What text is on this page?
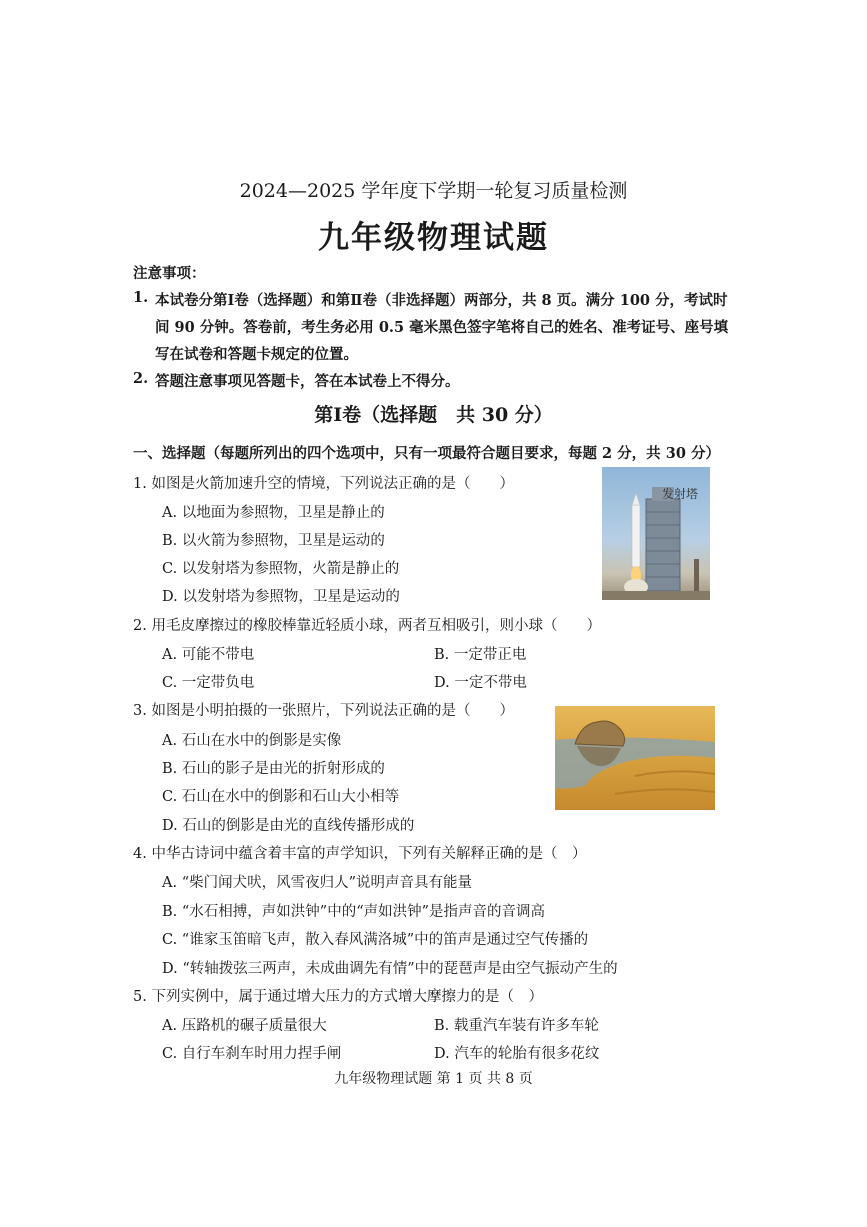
2024—2025 学年度下学期一轮复习质量检测
九年级物理试题
注意事项：
1. 本试卷分第Ⅰ卷（选择题）和第Ⅱ卷（非选择题）两部分，共 8 页。满分 100 分，考试时
间 90 分钟。答卷前，考生务必用 0.5 毫米黑色签字笔将自己的姓名、准考证号、座号填
写在试卷和答题卡规定的位置。
2. 答题注意事项见答题卡，答在本试卷上不得分。
第Ⅰ卷（选择题　共 30 分）
一、选择题（每题所列出的四个选项中，只有一项最符合题目要求，每题 2 分，共 30 分）
1. 如图是火箭加速升空的情境，下列说法正确的是（　　）
A. 以地面为参照物，卫星是静止的
B. 以火箭为参照物，卫星是运动的
C. 以发射塔为参照物，火箭是静止的
D. 以发射塔为参照物，卫星是运动的
发射塔
2. 用毛皮摩擦过的橡胶棒靠近轻质小球，两者互相吸引，则小球（　　）
A. 可能不带电	B. 一定带正电
C. 一定带负电	D. 一定不带电
3. 如图是小明拍摄的一张照片，下列说法正确的是（　　）
A. 石山在水中的倒影是实像
B. 石山的影子是由光的折射形成的
C. 石山在水中的倒影和石山大小相等
D. 石山的倒影是由光的直线传播形成的
4. 中华古诗词中蕴含着丰富的声学知识，下列有关解释正确的是（　）
A. “柴门闻犬吠，风雪夜归人”说明声音具有能量
B. “水石相搏，声如洪钟”中的“声如洪钟”是指声音的音调高
C. “谁家玉笛暗飞声，散入春风满洛城”中的笛声是通过空气传播的
D. “转轴拨弦三两声，未成曲调先有情”中的琵琶声是由空气振动产生的
5. 下列实例中，属于通过增大压力的方式增大摩擦力的是（　）
A. 压路机的碾子质量很大	B. 载重汽车装有许多车轮
C. 自行车刹车时用力捏手闸	D. 汽车的轮胎有很多花纹
九年级物理试题 第 1 页 共 8 页
